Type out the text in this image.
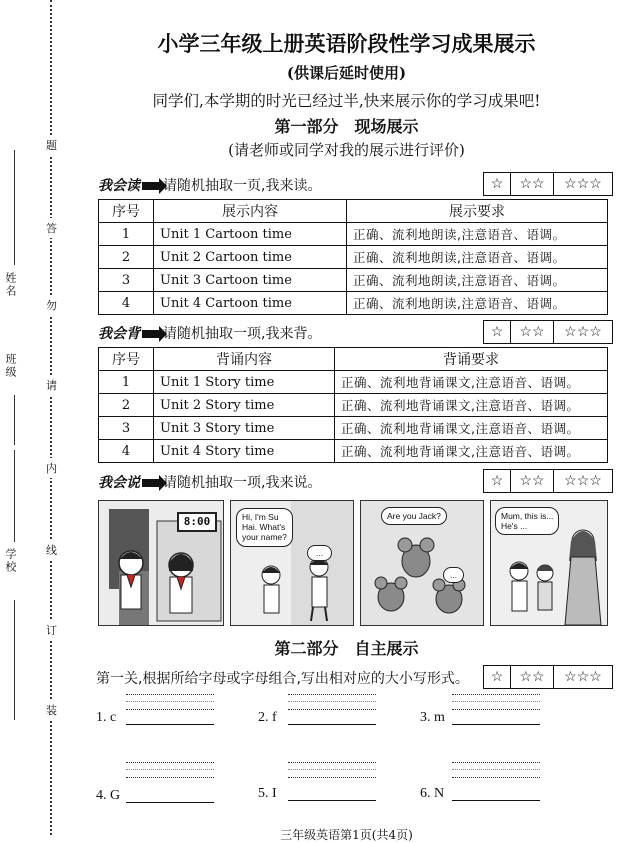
学校
班级
姓名
装
订
线
内
请
勿
答
题
小学三年级上册英语阶段性学习成果展示
(供课后延时使用)
同学们,本学期的时光已经过半,快来展示你的学习成果吧!
第一部分　现场展示
(请老师或同学对我的展示进行评价)
我会读 请随机抽取一页,我来读。	☆	☆☆	☆☆☆
序号	展示内容	展示要求
1	Unit 1 Cartoon time	正确、流利地朗读,注意语音、语调。
2	Unit 2 Cartoon time	正确、流利地朗读,注意语音、语调。
3	Unit 3 Cartoon time	正确、流利地朗读,注意语音、语调。
4	Unit 4 Cartoon time	正确、流利地朗读,注意语音、语调。
我会背 请随机抽取一项,我来背。	☆	☆☆	☆☆☆
序号	背诵内容	背诵要求
1	Unit 1 Story time	正确、流利地背诵课文,注意语音、语调。
2	Unit 2 Story time	正确、流利地背诵课文,注意语音、语调。
3	Unit 3 Story time	正确、流利地背诵课文,注意语音、语调。
4	Unit 4 Story time	正确、流利地背诵课文,注意语音、语调。
我会说 请随机抽取一项,我来说。	☆	☆☆	☆☆☆
8:00	Hi, I'm Su
Hai. What's
your name?
...
Are you Jack?
...
Mum, this is...
He's ...
第二部分　自主展示
第一关,根据所给字母或字母组合,写出相对应的大小写形式。	☆	☆☆	☆☆☆
1. c	2. f	3. m
4. G	5. I	6. N
三年级英语第1页(共4页)
